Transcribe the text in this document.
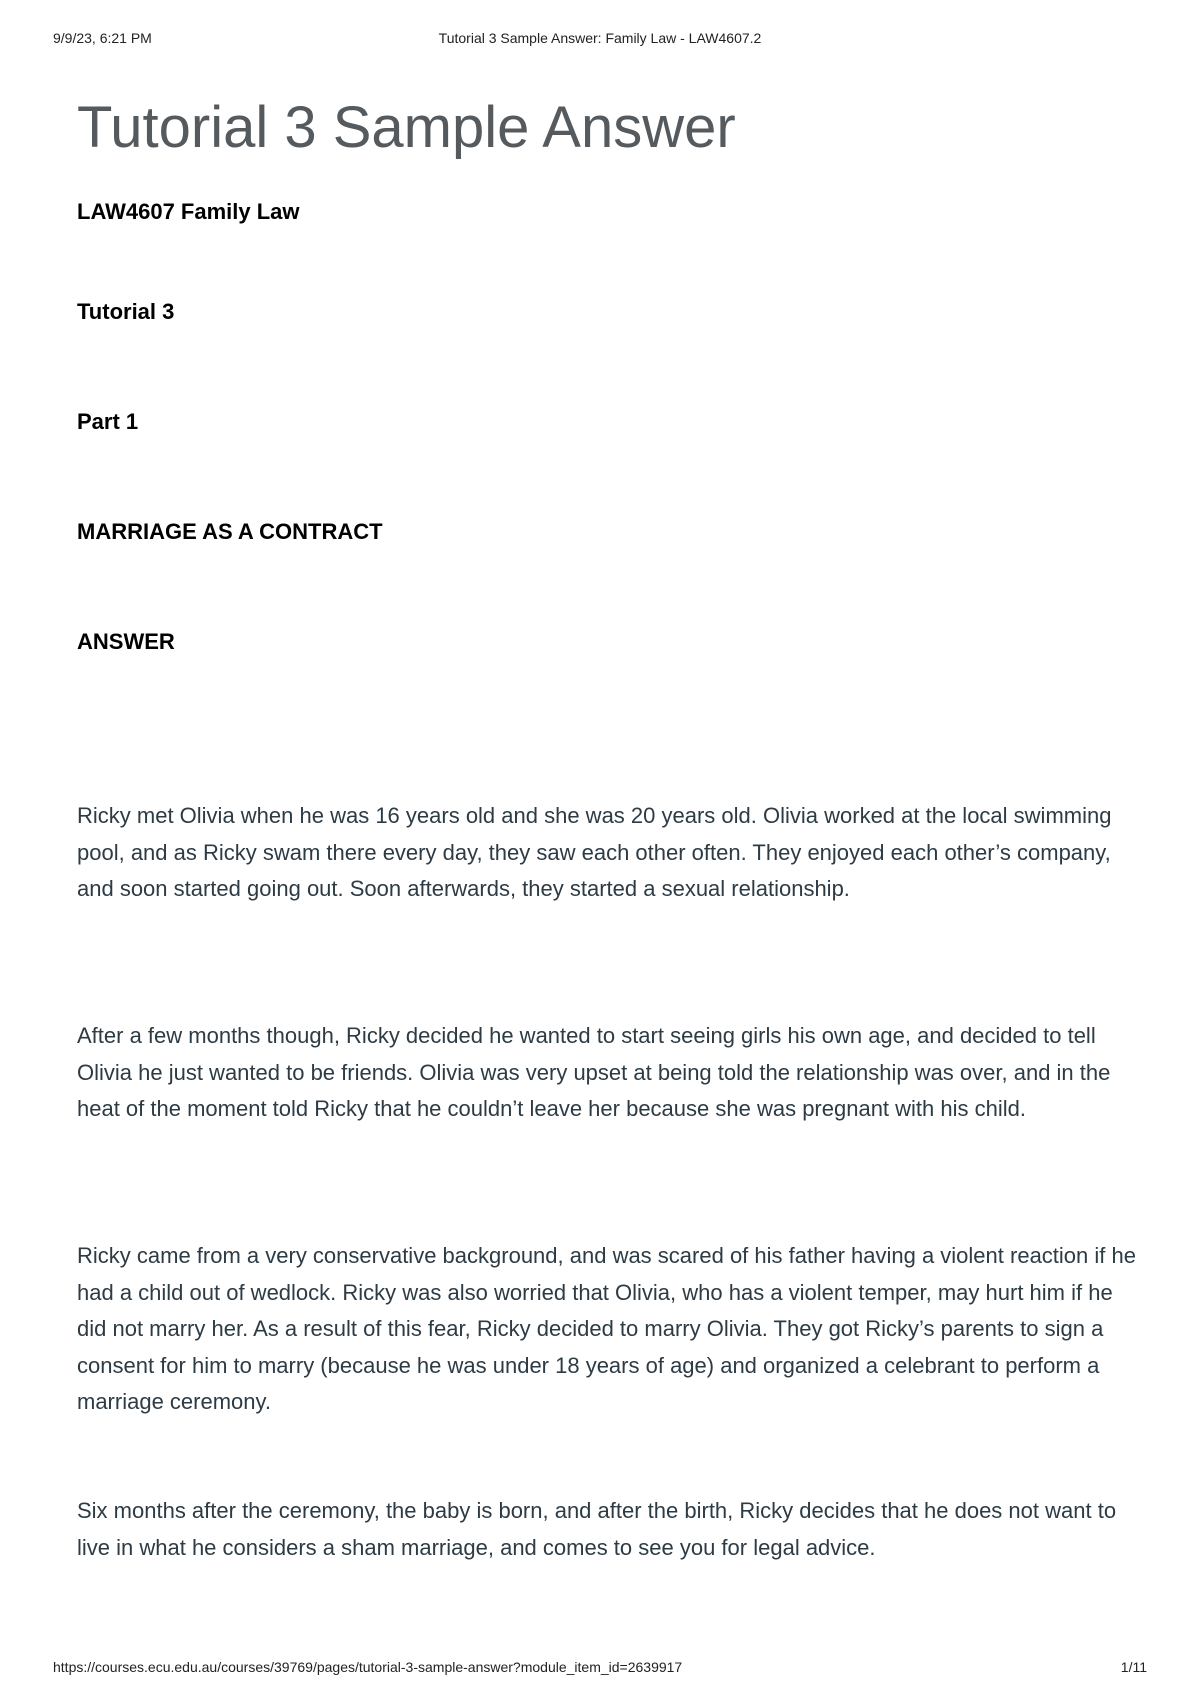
9/9/23, 6:21 PM	Tutorial 3 Sample Answer: Family Law - LAW4607.2
Tutorial 3 Sample Answer

LAW4607 Family Law

Tutorial 3

Part 1

MARRIAGE AS A CONTRACT

ANSWER

Ricky met Olivia when he was 16 years old and she was 20 years old. Olivia worked at the local swimming pool, and as Ricky swam there every day, they saw each other often. They enjoyed each other’s company, and soon started going out. Soon afterwards, they started a sexual relationship.

After a few months though, Ricky decided he wanted to start seeing girls his own age, and decided to tell Olivia he just wanted to be friends. Olivia was very upset at being told the relationship was over, and in the heat of the moment told Ricky that he couldn’t leave her because she was pregnant with his child.

Ricky came from a very conservative background, and was scared of his father having a violent reaction if he had a child out of wedlock. Ricky was also worried that Olivia, who has a violent temper, may hurt him if he did not marry her. As a result of this fear, Ricky decided to marry Olivia. They got Ricky’s parents to sign a consent for him to marry (because he was under 18 years of age) and organized a celebrant to perform a marriage ceremony.

Six months after the ceremony, the baby is born, and after the birth, Ricky decides that he does not want to live in what he considers a sham marriage, and comes to see you for legal advice.

https://courses.ecu.edu.au/courses/39769/pages/tutorial-3-sample-answer?module_item_id=2639917	1/11
